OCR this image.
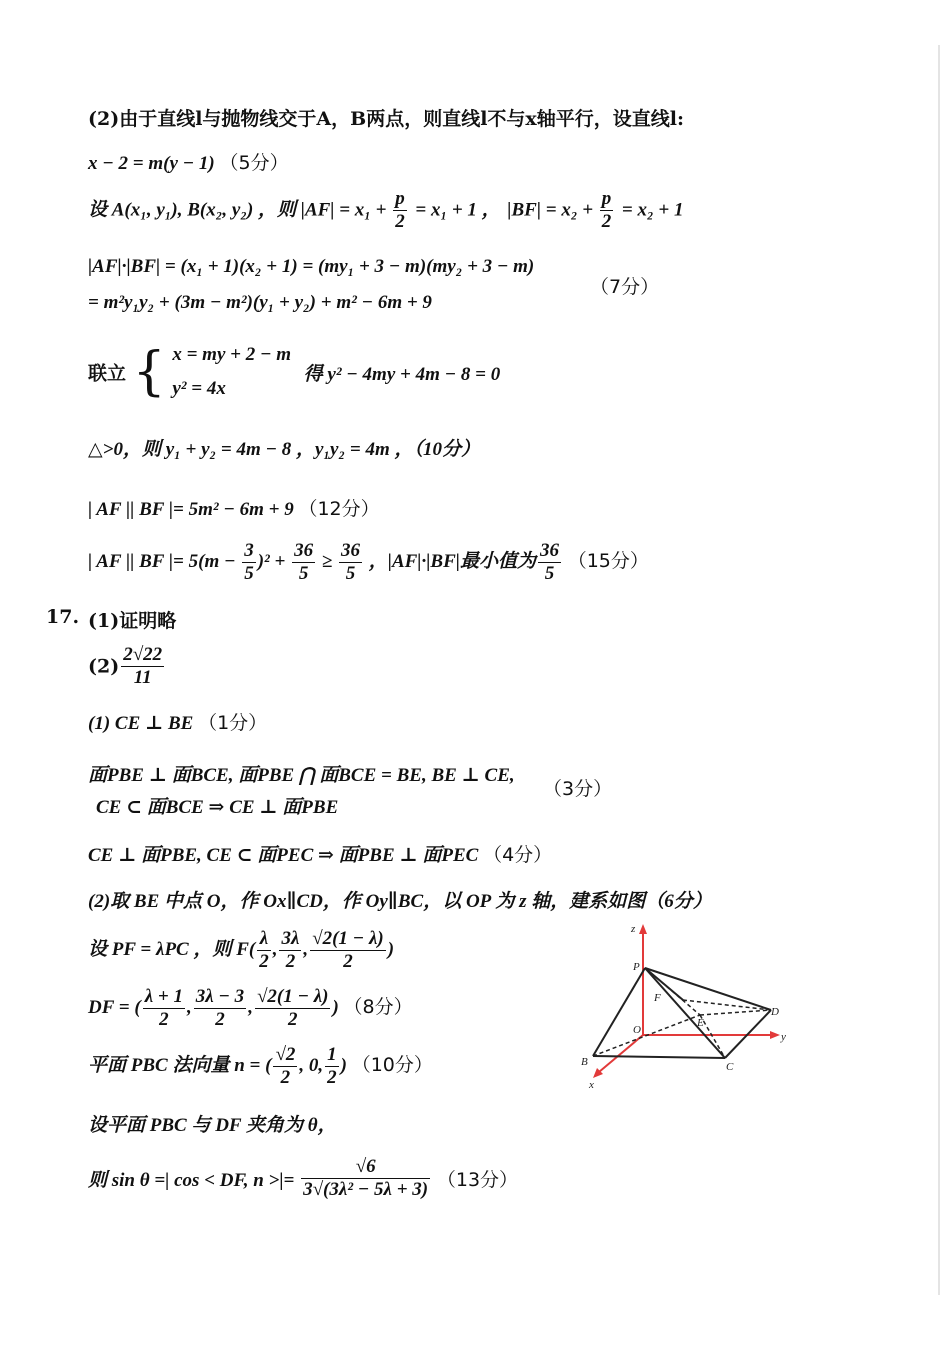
(2)由于直线l与抛物线交于A，B两点，则直线l不与x轴平行，设直线l:
x − 2 = m(y − 1) （5分）
设 A(x₁, y₁), B(x₂, y₂) ，则 $|AF| = x_1 + \frac{p}{2} = x_1 + 1$ ， $|BF| = x_2 + \frac{p}{2} = x_2 + 1$
|AF|·|BF| = (x₁ + 1)(x₂ + 1) = (my₁ + 3 − m)(my₂ + 3 − m)
= m²y₁y₂ + (3m − m²)(y₁ + y₂) + m² − 6m + 9
（7分）
联立 { x = my + 2 − m
y² = 4x
得 y² − 4my + 4m − 8 = 0
△>0，则 y₁ + y₂ = 4m − 8 ，y₁y₂ = 4m ，（10分）
| AF || BF |= 5m² − 6m + 9 （12分）
| AF || BF |= $5(m - \frac{3}{5} )^2 + \frac{36}{5} \ge \frac{36}{5}$ ，|AF|·|BF|最小值为 $\frac{36}{5} (15$分）
17. (1)证明略
$(2) \frac{2√22}{11}$
(1) CE ⊥ BE （1分）
面PBE ⊥ 面BCE, 面PBE ⋂ 面BCE = BE, BE ⊥ CE,
CE ⊂ 面BCE ⇒ CE ⊥ 面PBE
（3分）
CE ⊥ 面PBE, CE ⊂ 面PEC ⇒ 面PBE ⊥ 面PEC （4分）
(2)取 BE 中点 O，作 Ox∥CD，作 Oy∥BC，以 OP 为 z 轴，建系如图（6分）
设 PF = λPC ，则 $F( \frac{\lambda}{2}$ , $\frac{3\lambda}{2}$ , $\frac{√2(1 - \lambda)}{2}$ )
DF = ( $\frac{\lambda + 1}{2}$ , $\frac{3\lambda - 3}{2}$ , $\frac{√2(1 - \lambda)}{2}$ ) （8分）
平面 PBC 法向量 n = ( $\frac{√2}{2}$ , 0, $\frac{1}{2}$ ) （10分）
设平面 PBC 与 DF 夹角为 θ，
则 sin θ =| cos < DF, n >|= $\frac{√6}{\text{3√(3λ² − 5λ + 3)}} (13$分）
z
P
F
E
D
O
y
B	C
x
